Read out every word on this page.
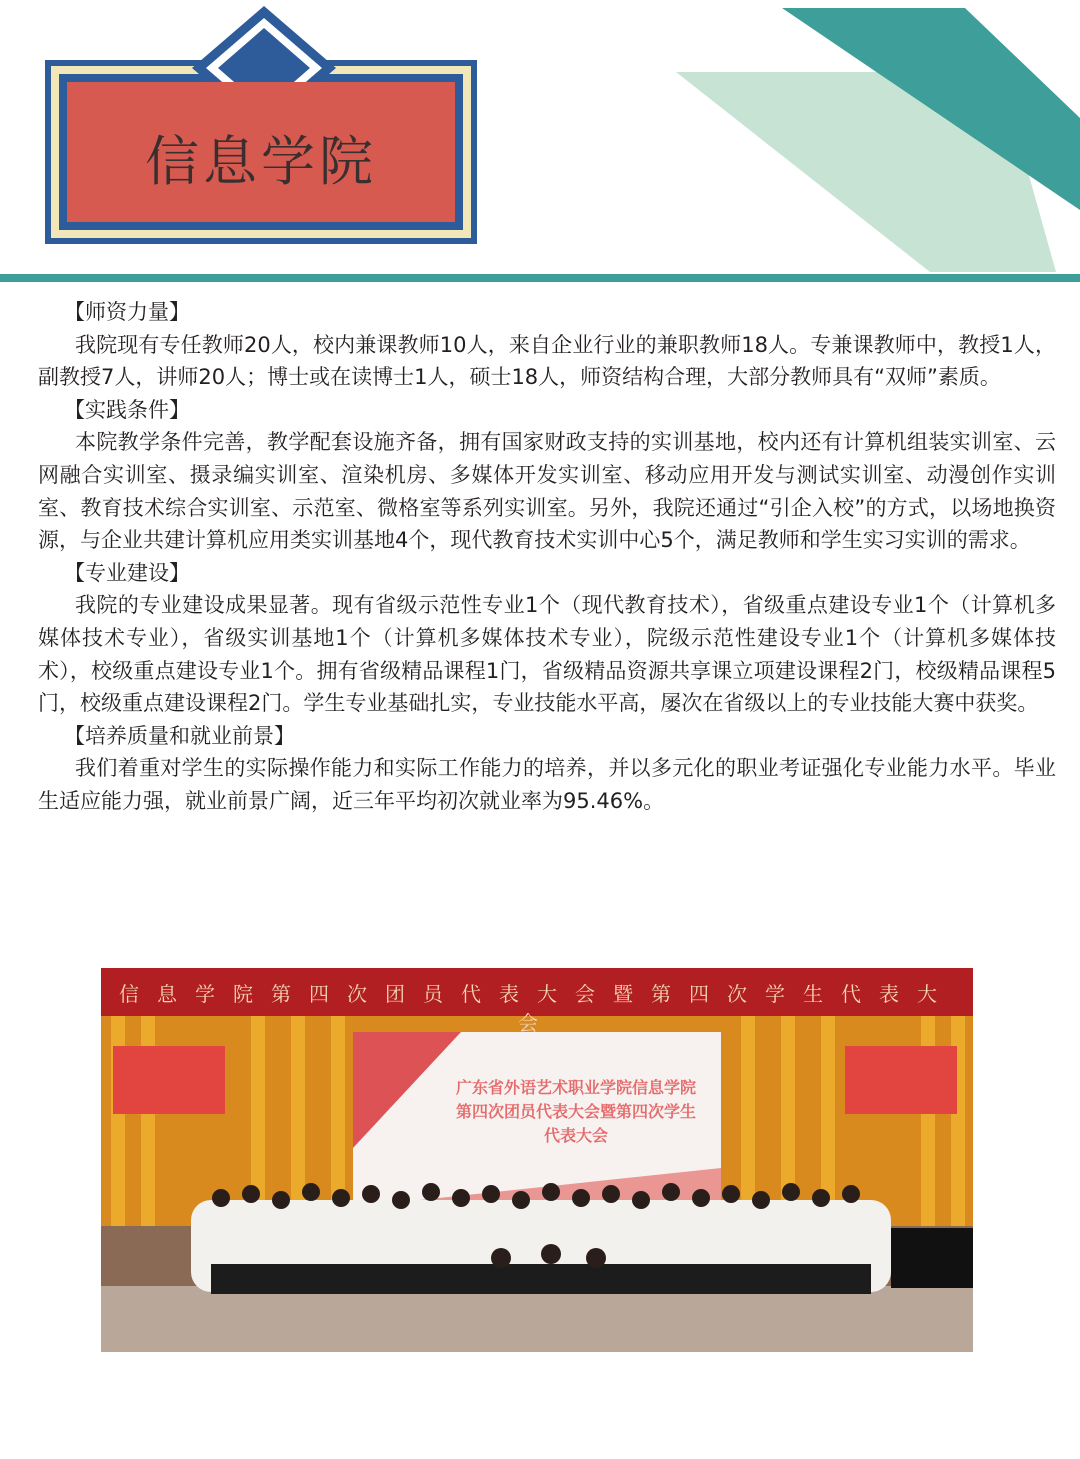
信息学院
【师资力量】
我院现有专任教师20人，校内兼课教师10人，来自企业行业的兼职教师18人。专兼课教师中，教授1人，副教授7人，讲师20人；博士或在读博士1人，硕士18人，师资结构合理，大部分教师具有“双师”素质。
【实践条件】
本院教学条件完善，教学配套设施齐备，拥有国家财政支持的实训基地，校内还有计算机组装实训室、云网融合实训室、摄录编实训室、渲染机房、多媒体开发实训室、移动应用开发与测试实训室、动漫创作实训室、教育技术综合实训室、示范室、微格室等系列实训室。另外，我院还通过“引企入校”的方式，以场地换资源，与企业共建计算机应用类实训基地4个，现代教育技术实训中心5个，满足教师和学生实习实训的需求。
【专业建设】
我院的专业建设成果显著。现有省级示范性专业1个（现代教育技术），省级重点建设专业1个（计算机多媒体技术专业），省级实训基地1个（计算机多媒体技术专业），院级示范性建设专业1个（计算机多媒体技术），校级重点建设专业1个。拥有省级精品课程1门，省级精品资源共享课立项建设课程2门，校级精品课程5门，校级重点建设课程2门。学生专业基础扎实，专业技能水平高，屡次在省级以上的专业技能大赛中获奖。
【培养质量和就业前景】
我们着重对学生的实际操作能力和实际工作能力的培养，并以多元化的职业考证强化专业能力水平。毕业生适应能力强，就业前景广阔，近三年平均初次就业率为95.46%。
信息学院第四次团员代表大会暨第四次学生代表大会
广东省外语艺术职业学院信息学院
第四次团员代表大会暨第四次学生
代表大会
